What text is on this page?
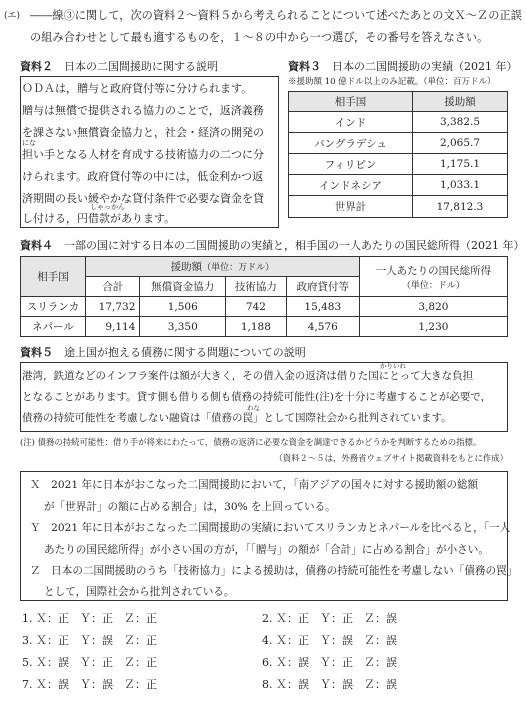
(エ) ――線③に関して，次の資料２～資料５から考えられることについて述べたあとの文Ｘ～Ｚの正誤
の組み合わせとして最も適するものを，１～８の中から一つ選び，その番号を答えなさい。
資料２　 日本の二国間援助に関する説明
ＯＤＡは，贈与と政府貸付等に分けられます。
贈与は無償で提供される協力のことで，返済義務
を課さない無償資金協力と，社会・経済の開発の
にな
担い手となる人材を育成する技術協力の二つに分
けられます。政府貸付等の中には，低金利かつ返
済期間の長い緩やかな貸付条件で必要な資金を貸
しゃっかん
し付ける，円借款があります。
資料３　 日本の二国間援助の実績（2021 年）
※援助額 10 億ドル以上のみ記載。（単位：百万ドル）
相手国	援助額
インド	3,382.5
バングラデシュ	2,065.7
フィリピン	1,175.1
インドネシア	1,033.1
世界計	17,812.3
資料４　 一部の国に対する日本の二国間援助の実績と，相手国の一人あたりの国民総所得（2021 年）
相手国	援助額（単位：万ドル）				一人あたりの国民総所得
（単位：ドル）

	合計	無償資金協力	技術協力	政府貸付等	
スリランカ	17,732	1,506	742	15,483	3,820
ネパール	9,114	3,350	1,188	4,576	1,230
資料５　 途上国が抱える債務に関する問題についての説明
かりいれ
港湾，鉄道などのインフラ案件は額が大きく，その借入金の返済は借りた国にとって大きな負担
となることがあります。貸す側も借りる側も債務の持続可能性(注)を十分に考慮することが必要で，
わな
債務の持続可能性を考慮しない融資は「債務の罠」として国際社会から批判されています。
(注) 債務の持続可能性：借り手が将来にわたって，債務の返済に必要な資金を調達できるかどうかを判断するための指標。
（資料２～５は，外務省ウェブサイト掲載資料をもとに作成）
Ｘ　2021 年に日本がおこなった二国間援助において，「南アジアの国々に対する援助額の総額
が「世界計」の額に占める割合」は，30% を上回っている。
Ｙ　2021 年に日本がおこなった二国間援助の実績においてスリランカとネパールを比べると，「一人
あたりの国民総所得」が小さい国の方が，「「贈与」の額が「合計」に占める割合」が小さい。
Ｚ　日本の二国間援助のうち「技術協力」による援助は，債務の持続可能性を考慮しない「債務の罠」
として，国際社会から批判されている。
1. Ｘ：正　Ｙ：正　Ｚ：正	2. Ｘ：正　Ｙ：正　Ｚ：誤
3. Ｘ：正　Ｙ：誤　Ｚ：正	4. Ｘ：正　Ｙ：誤　Ｚ：誤
5. Ｘ：誤　Ｙ：正　Ｚ：正	6. Ｘ：誤　Ｙ：正　Ｚ：誤
7. Ｘ：誤　Ｙ：誤　Ｚ：正	8. Ｘ：誤　Ｙ：誤　Ｚ：誤
